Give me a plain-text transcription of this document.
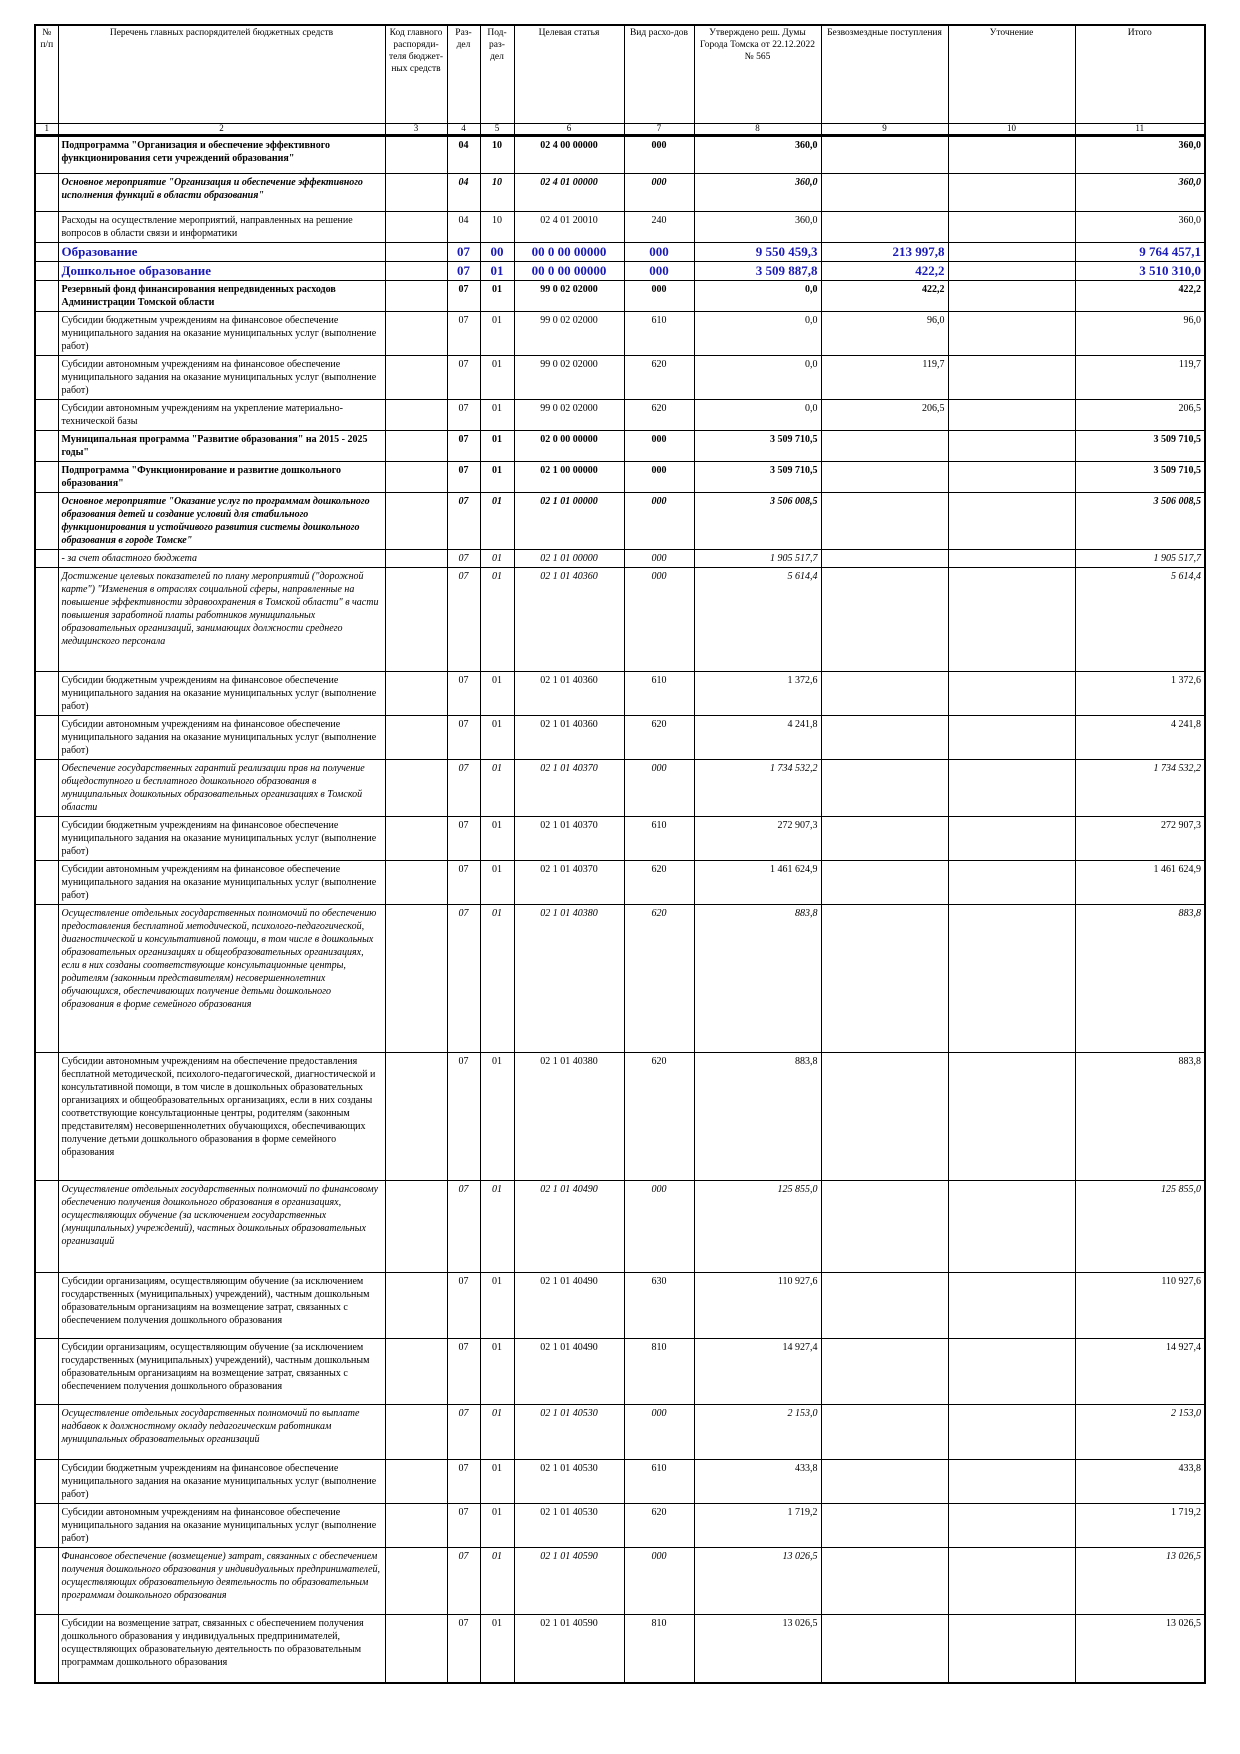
№ п/п	Перечень главных распорядителей бюджетных средств	Код главного распоряди-теля бюджет-ных средств	Раз-дел	Под-раз-дел	Целевая статья	Вид расхо-дов	Утверждено реш. Думы Города Томска от 22.12.2022 № 565	Безвозмездные поступления	Уточнение	Итого
1	2	3	4	5	6	7	8	9	10	11
	Подпрограмма "Организация и обеспечение эффективного функционирования сети учреждений образования"		04	10	02 4 00 00000	000	360,0			360,0
	Основное мероприятие "Организация и обеспечение эффективного исполнения функций в области образования"		04	10	02 4 01 00000	000	360,0			360,0
	Расходы на осуществление мероприятий, направленных на решение вопросов в области связи и информатики		04	10	02 4 01 20010	240	360,0			360,0
	Образование		07	00	00 0 00 00000	000	9 550 459,3	213 997,8		9 764 457,1
	Дошкольное образование		07	01	00 0 00 00000	000	3 509 887,8	422,2		3 510 310,0
	Резервный фонд финансирования непредвиденных расходов Администрации Томской области		07	01	99 0 02 02000	000	0,0	422,2		422,2
	Субсидии бюджетным учреждениям на финансовое обеспечение муниципального задания на оказание муниципальных услуг (выполнение работ)		07	01	99 0 02 02000	610	0,0	96,0		96,0
	Субсидии автономным учреждениям на финансовое обеспечение муниципального задания на оказание муниципальных услуг (выполнение работ)		07	01	99 0 02 02000	620	0,0	119,7		119,7
	Субсидии автономным учреждениям на укрепление материально-технической базы		07	01	99 0 02 02000	620	0,0	206,5		206,5
	Муниципальная программа "Развитие образования" на 2015 - 2025 годы"		07	01	02 0 00 00000	000	3 509 710,5			3 509 710,5
	Подпрограмма "Функционирование и развитие дошкольного образования"		07	01	02 1 00 00000	000	3 509 710,5			3 509 710,5
	Основное мероприятие "Оказание услуг по программам дошкольного образования детей и создание условий для стабильного функционирования и устойчивого развития системы дошкольного образования в городе Томске"		07	01	02 1 01 00000	000	3 506 008,5			3 506 008,5
	- за счет областного бюджета		07	01	02 1 01 00000	000	1 905 517,7			1 905 517,7
	Достижение целевых показателей по плану мероприятий ("дорожной карте") "Изменения в отраслях социальной сферы, направленные на повышение эффективности здравоохранения в Томской области" в части повышения заработной платы работников муниципальных образовательных организаций, занимающих должности среднего медицинского персонала		07	01	02 1 01 40360	000	5 614,4			5 614,4
	Субсидии бюджетным учреждениям на финансовое обеспечение муниципального задания на оказание муниципальных услуг (выполнение работ)		07	01	02 1 01 40360	610	1 372,6			1 372,6
	Субсидии автономным учреждениям на финансовое обеспечение муниципального задания на оказание муниципальных услуг (выполнение работ)		07	01	02 1 01 40360	620	4 241,8			4 241,8
	Обеспечение государственных гарантий реализации прав на получение общедоступного и бесплатного дошкольного образования в муниципальных дошкольных образовательных организациях в Томской области		07	01	02 1 01 40370	000	1 734 532,2			1 734 532,2
	Субсидии бюджетным учреждениям на финансовое обеспечение муниципального задания на оказание муниципальных услуг (выполнение работ)		07	01	02 1 01 40370	610	272 907,3			272 907,3
	Субсидии автономным учреждениям на финансовое обеспечение муниципального задания на оказание муниципальных услуг (выполнение работ)		07	01	02 1 01 40370	620	1 461 624,9			1 461 624,9
	Осуществление отдельных государственных полномочий по обеспечению предоставления бесплатной методической, психолого-педагогической, диагностической и консультативной помощи, в том числе в дошкольных образовательных организациях и общеобразовательных организациях, если в них созданы соответствующие консультационные центры, родителям (законным представителям) несовершеннолетних обучающихся, обеспечивающих получение детьми дошкольного образования в форме семейного образования		07	01	02 1 01 40380	620	883,8			883,8
	Субсидии автономным учреждениям на обеспечение предоставления бесплатной методической, психолого-педагогической, диагностической и консультативной помощи, в том числе в дошкольных образовательных организациях и общеобразовательных организациях, если в них созданы соответствующие консультационные центры, родителям (законным представителям) несовершеннолетних обучающихся, обеспечивающих получение детьми дошкольного образования в форме семейного образования		07	01	02 1 01 40380	620	883,8			883,8
	Осуществление отдельных государственных полномочий по финансовому обеспечению получения дошкольного образования в организациях, осуществляющих обучение (за исключением государственных (муниципальных) учреждений), частных дошкольных образовательных организаций		07	01	02 1 01 40490	000	125 855,0			125 855,0
	Субсидии организациям, осуществляющим обучение (за исключением государственных (муниципальных) учреждений), частным дошкольным образовательным организациям на возмещение затрат, связанных с обеспечением получения дошкольного образования		07	01	02 1 01 40490	630	110 927,6			110 927,6
	Субсидии организациям, осуществляющим обучение (за исключением государственных (муниципальных) учреждений), частным дошкольным образовательным организациям на возмещение затрат, связанных с обеспечением получения дошкольного образования		07	01	02 1 01 40490	810	14 927,4			14 927,4
	Осуществление отдельных государственных полномочий по выплате надбавок к должностному окладу педагогическим работникам муниципальных образовательных организаций		07	01	02 1 01 40530	000	2 153,0			2 153,0
	Субсидии бюджетным учреждениям на финансовое обеспечение муниципального задания на оказание муниципальных услуг (выполнение работ)		07	01	02 1 01 40530	610	433,8			433,8
	Субсидии автономным учреждениям на финансовое обеспечение муниципального задания на оказание муниципальных услуг (выполнение работ)		07	01	02 1 01 40530	620	1 719,2			1 719,2
	Финансовое обеспечение (возмещение) затрат, связанных с обеспечением получения дошкольного образования у индивидуальных предпринимателей, осуществляющих образовательную деятельность по образовательным программам дошкольного образования		07	01	02 1 01 40590	000	13 026,5			13 026,5
	Субсидии на возмещение затрат, связанных с обеспечением получения дошкольного образования у индивидуальных предпринимателей, осуществляющих образовательную деятельность по образовательным программам дошкольного образования		07	01	02 1 01 40590	810	13 026,5			13 026,5
